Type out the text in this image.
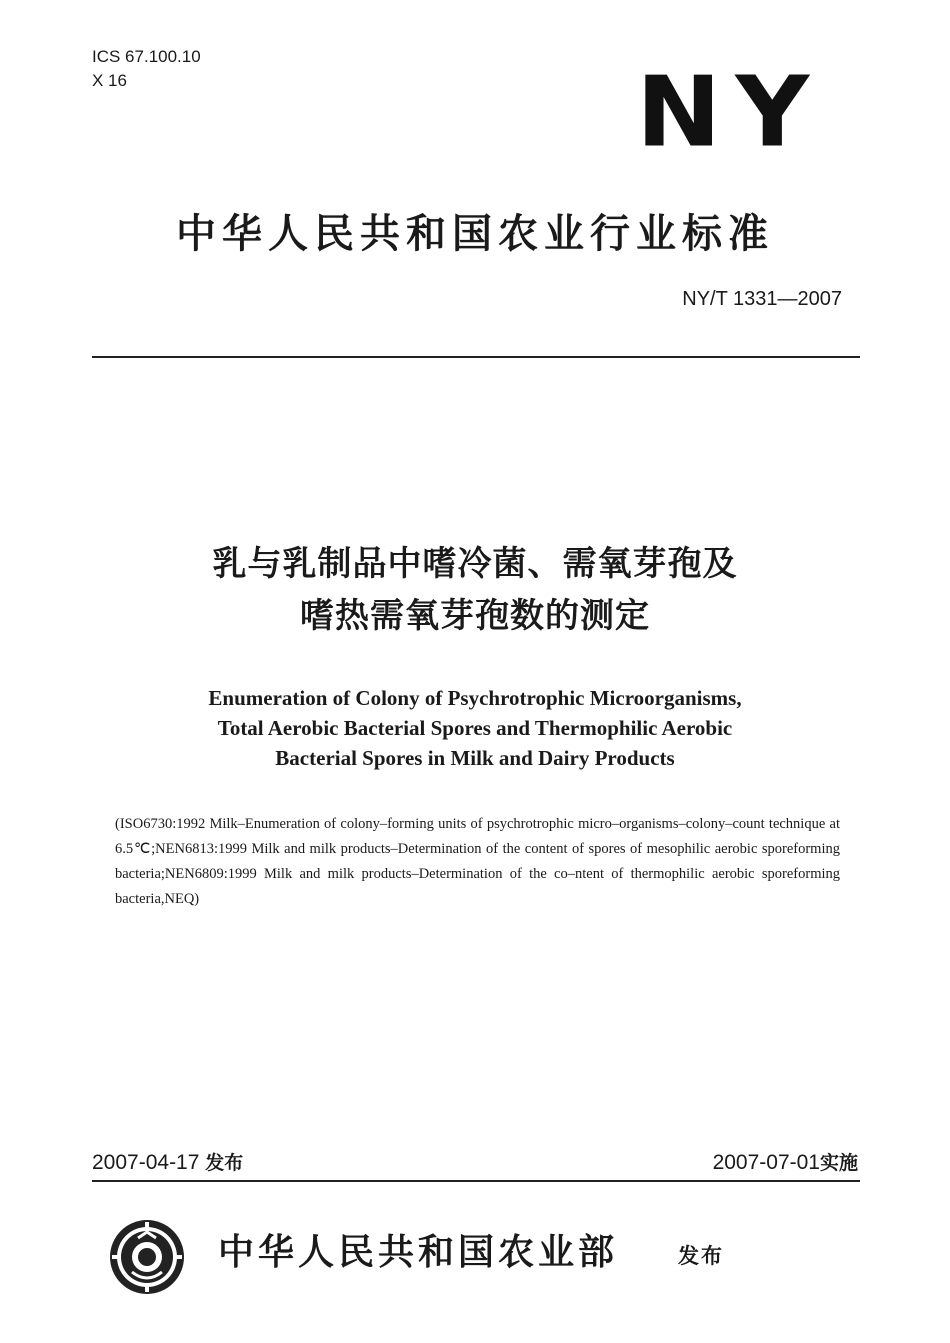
ICS 67.100.10
X 16	NY
中华人民共和国农业行业标准
NY/T 1331—2007
乳与乳制品中嗜冷菌、需氧芽孢及
嗜热需氧芽孢数的测定
Enumeration of Colony of Psychrotrophic Microorganisms,
Total Aerobic Bacterial Spores and Thermophilic Aerobic
Bacterial Spores in Milk and Dairy Products
(ISO6730:1992 Milk–Enumeration of colony–forming units of psychrotrophic micro–organisms–colony–count technique at 6.5℃;NEN6813:1999 Milk and milk products–Determination of the content of spores of mesophilic aerobic sporeforming bacteria;NEN6809:1999 Milk and milk products–Determination of the co–ntent of thermophilic aerobic sporeforming bacteria,NEQ)
2007-04-17 发布	2007-07-01实施
中华人民共和国农业部	发布
